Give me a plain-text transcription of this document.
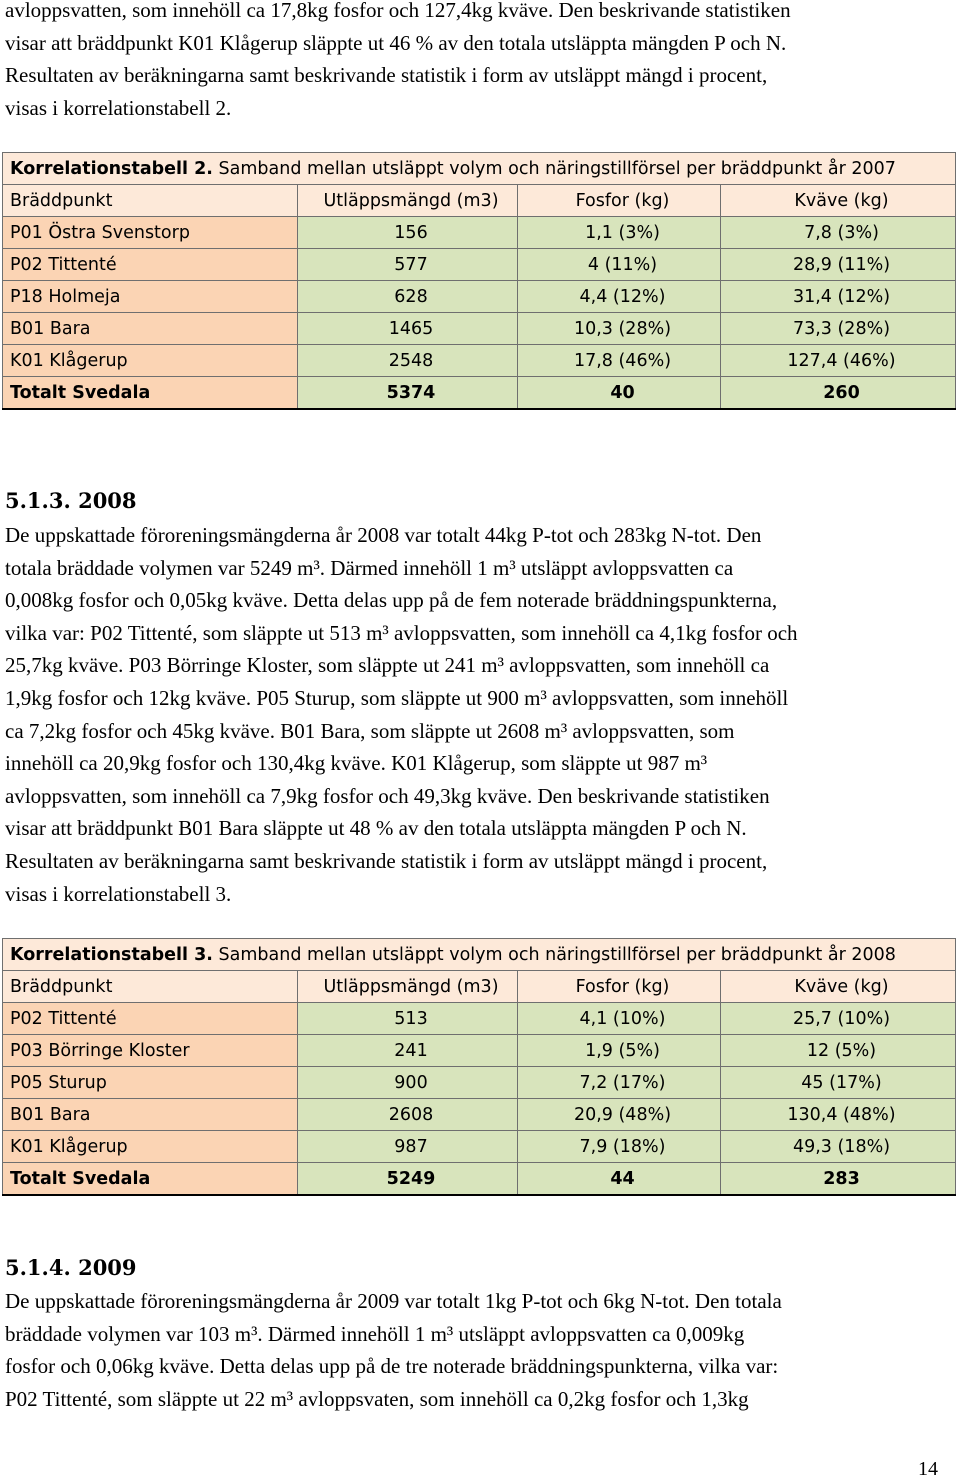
avloppsvatten, som innehöll ca 17,8kg fosfor och 127,4kg kväve. Den beskrivande statistiken
visar att bräddpunkt K01 Klågerup släppte ut 46 % av den totala utsläppta mängden P och N.
Resultaten av beräkningarna samt beskrivande statistik i form av utsläppt mängd i procent,
visas i korrelationstabell 2.
Korrelationstabell 2. Samband mellan utsläppt volym och näringstillförsel per bräddpunkt år 2007			
Bräddpunkt	Utläppsmängd (m3)	Fosfor (kg)	Kväve (kg)
P01 Östra Svenstorp	156	1,1 (3%)	7,8 (3%)
P02 Tittenté	577	4 (11%)	28,9 (11%)
P18 Holmeja	628	4,4 (12%)	31,4 (12%)
B01 Bara	1465	10,3 (28%)	73,3 (28%)
K01 Klågerup	2548	17,8 (46%)	127,4 (46%)
Totalt Svedala	5374	40	260
5.1.3. 2008
De uppskattade föroreningsmängderna år 2008 var totalt 44kg P-tot och 283kg N-tot. Den
totala bräddade volymen var 5249 m³. Därmed innehöll 1 m³ utsläppt avloppsvatten ca
0,008kg fosfor och 0,05kg kväve. Detta delas upp på de fem noterade bräddningspunkterna,
vilka var: P02 Tittenté, som släppte ut 513 m³ avloppsvatten, som innehöll ca 4,1kg fosfor och
25,7kg kväve. P03 Börringe Kloster, som släppte ut 241 m³ avloppsvatten, som innehöll ca
1,9kg fosfor och 12kg kväve. P05 Sturup, som släppte ut 900 m³ avloppsvatten, som innehöll
ca 7,2kg fosfor och 45kg kväve. B01 Bara, som släppte ut 2608 m³ avloppsvatten, som
innehöll ca 20,9kg fosfor och 130,4kg kväve. K01 Klågerup, som släppte ut 987 m³
avloppsvatten, som innehöll ca 7,9kg fosfor och 49,3kg kväve. Den beskrivande statistiken
visar att bräddpunkt B01 Bara släppte ut 48 % av den totala utsläppta mängden P och N.
Resultaten av beräkningarna samt beskrivande statistik i form av utsläppt mängd i procent,
visas i korrelationstabell 3.
Korrelationstabell 3. Samband mellan utsläppt volym och näringstillförsel per bräddpunkt år 2008			
Bräddpunkt	Utläppsmängd (m3)	Fosfor (kg)	Kväve (kg)
P02 Tittenté	513	4,1 (10%)	25,7 (10%)
P03 Börringe Kloster	241	1,9 (5%)	12 (5%)
P05 Sturup	900	7,2 (17%)	45 (17%)
B01 Bara	2608	20,9 (48%)	130,4 (48%)
K01 Klågerup	987	7,9 (18%)	49,3 (18%)
Totalt Svedala	5249	44	283
5.1.4. 2009
De uppskattade föroreningsmängderna år 2009 var totalt 1kg P-tot och 6kg N-tot. Den totala
bräddade volymen var 103 m³. Därmed innehöll 1 m³ utsläppt avloppsvatten ca 0,009kg
fosfor och 0,06kg kväve. Detta delas upp på de tre noterade bräddningspunkterna, vilka var:
P02 Tittenté, som släppte ut 22 m³ avloppsvaten, som innehöll ca 0,2kg fosfor och 1,3kg
14
